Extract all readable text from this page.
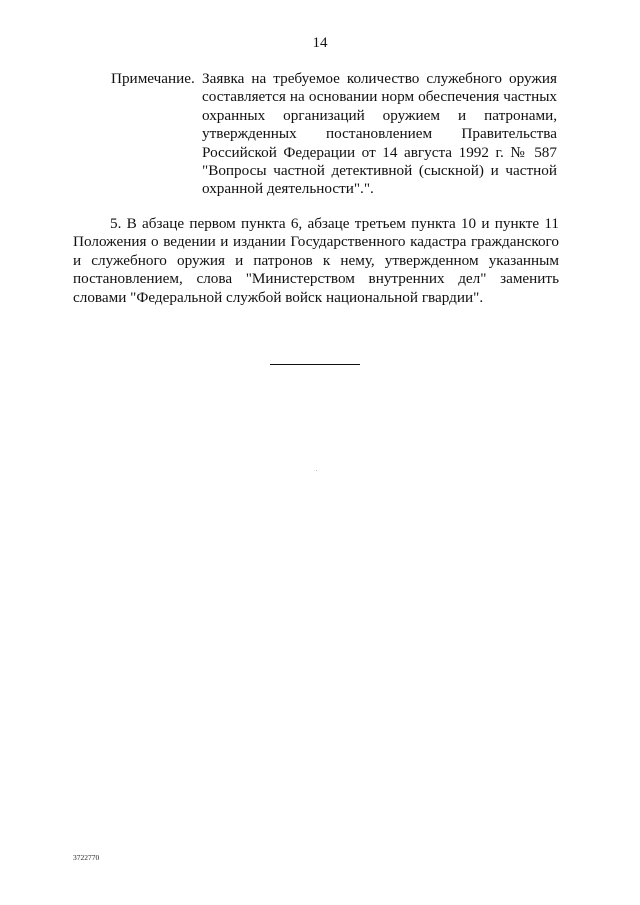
14
Примечание. Заявка на требуемое количество служебного оружия
составляется на основании норм обеспечения частных
охранных организаций оружием и патронами,
утвержденных постановлением Правительства
Российской Федерации от 14 августа 1992 г. № 587
"Вопросы частной детективной (сыскной) и частной
охранной деятельности".".
5. В абзаце первом пункта 6, абзаце третьем пункта 10 и пункте 11
Положения о ведении и издании Государственного кадастра гражданского
и служебного оружия и патронов к нему, утвержденном указанным
постановлением, слова "Министерством внутренних дел" заменить
словами "Федеральной службой войск национальной гвардии".
3722770
